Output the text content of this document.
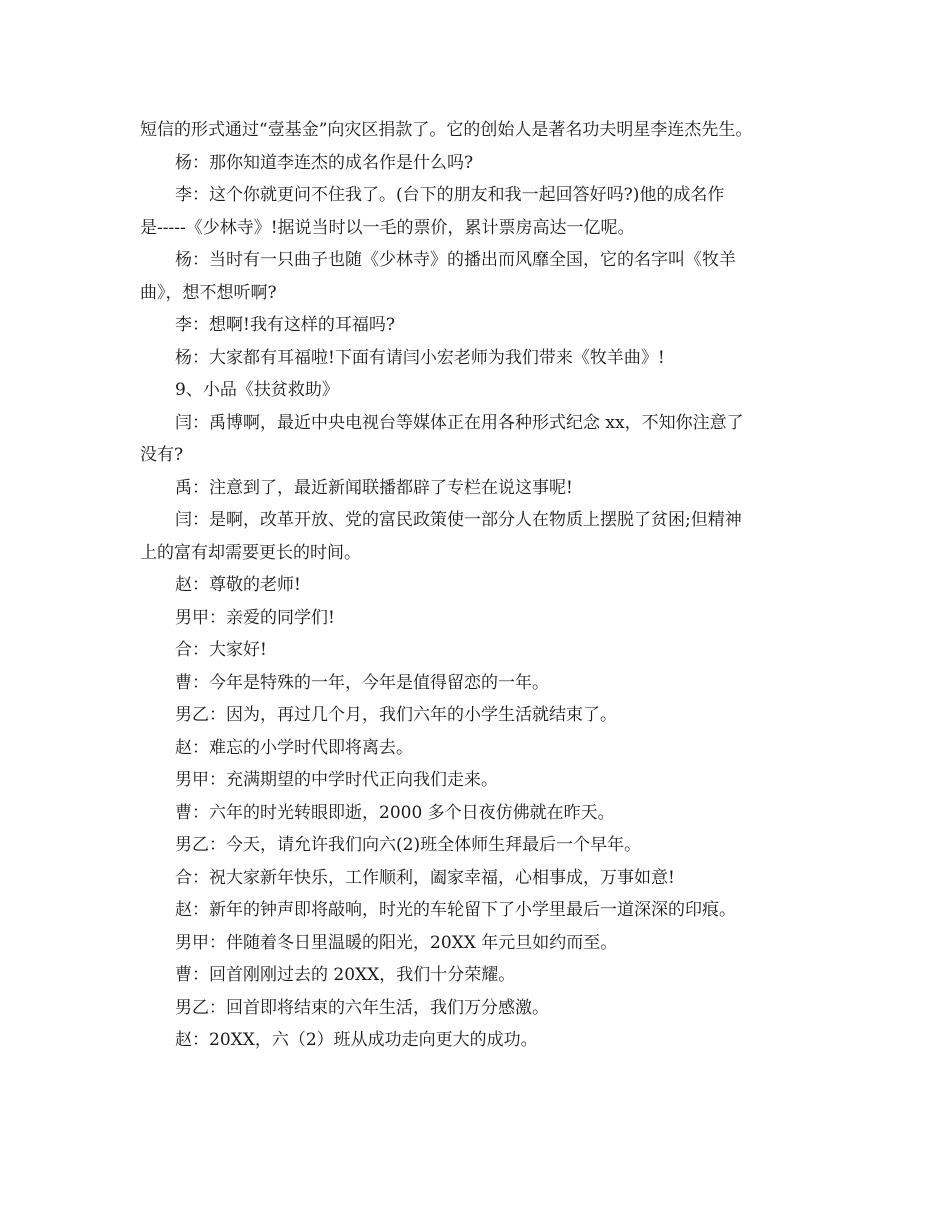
短信的形式通过“壹基金”向灾区捐款了。它的创始人是著名功夫明星李连杰先生。

杨：那你知道李连杰的成名作是什么吗?

李：这个你就更问不住我了。(台下的朋友和我一起回答好吗?)他的成名作

是-----《少林寺》!据说当时以一毛的票价，累计票房高达一亿呢。

杨：当时有一只曲子也随《少林寺》的播出而风靡全国，它的名字叫《牧羊

曲》，想不想听啊?

李：想啊!我有这样的耳福吗?

杨：大家都有耳福啦!下面有请闫小宏老师为我们带来《牧羊曲》!

9、小品《扶贫救助》

闫：禹博啊，最近中央电视台等媒体正在用各种形式纪念 xx，不知你注意了

没有?

禹：注意到了，最近新闻联播都辟了专栏在说这事呢!

闫：是啊，改革开放、党的富民政策使一部分人在物质上摆脱了贫困;但精神

上的富有却需要更长的时间。

赵：尊敬的老师!

男甲：亲爱的同学们!

合：大家好!

曹：今年是特殊的一年，今年是值得留恋的一年。

男乙：因为，再过几个月，我们六年的小学生活就结束了。

赵：难忘的小学时代即将离去。

男甲：充满期望的中学时代正向我们走来。

曹：六年的时光转眼即逝，2000 多个日夜仿佛就在昨天。

男乙：今天，请允许我们向六(2)班全体师生拜最后一个早年。

合：祝大家新年快乐，工作顺利，阖家幸福，心相事成，万事如意!

赵：新年的钟声即将敲响，时光的车轮留下了小学里最后一道深深的印痕。

男甲：伴随着冬日里温暖的阳光，20XX 年元旦如约而至。

曹：回首刚刚过去的 20XX，我们十分荣耀。

男乙：回首即将结束的六年生活，我们万分感激。

赵：20XX，六（2）班从成功走向更大的成功。
